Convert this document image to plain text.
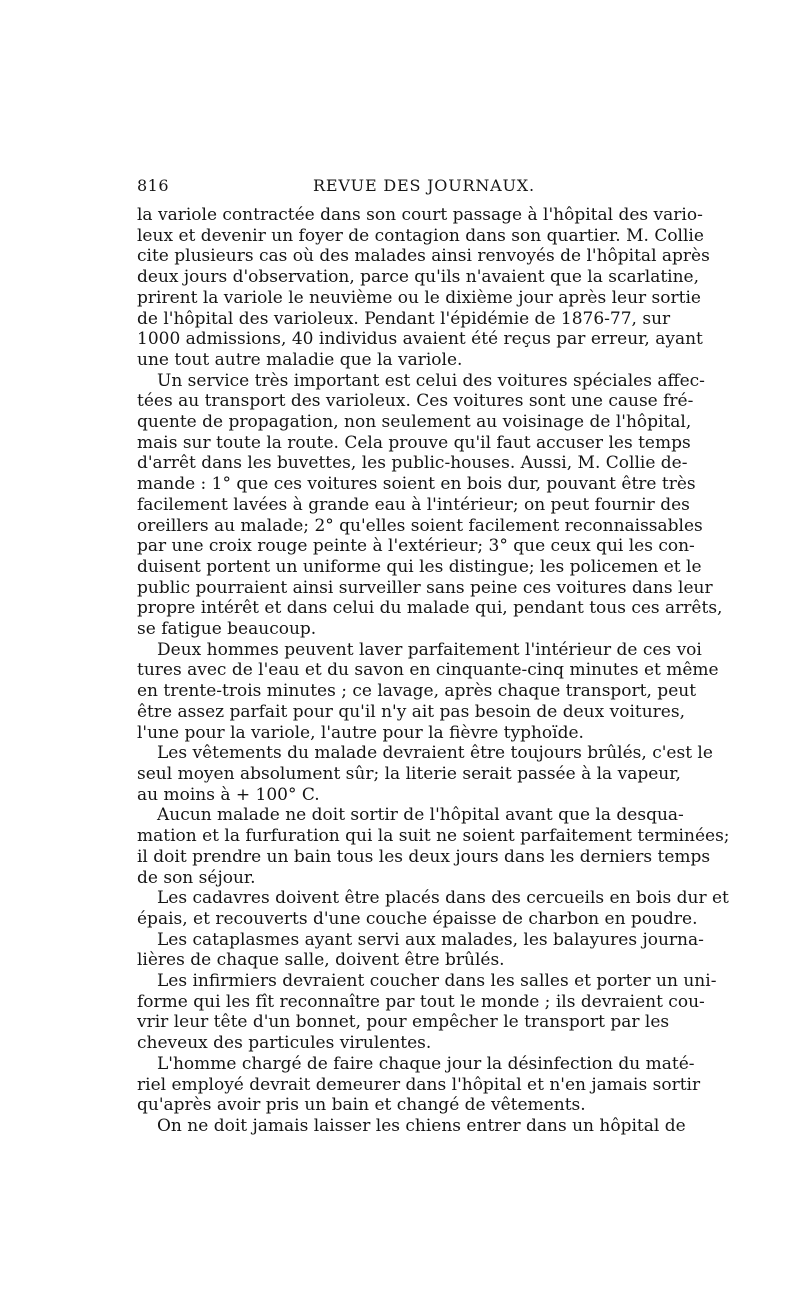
816	REVUE DES JOURNAUX.
la variole contractée dans son court passage à l'hôpital des vario-
leux et devenir un foyer de contagion dans son quartier. M. Collie
cite plusieurs cas où des malades ainsi renvoyés de l'hôpital après
deux jours d'observation, parce qu'ils n'avaient que la scarlatine,
prirent la variole le neuvième ou le dixième jour après leur sortie
de l'hôpital des varioleux. Pendant l'épidémie de 1876-77, sur
1000 admissions, 40 individus avaient été reçus par erreur, ayant
une tout autre maladie que la variole.
Un service très important est celui des voitures spéciales affec-
tées au transport des varioleux. Ces voitures sont une cause fré-
quente de propagation, non seulement au voisinage de l'hôpital,
mais sur toute la route. Cela prouve qu'il faut accuser les temps
d'arrêt dans les buvettes, les public-houses. Aussi, M. Collie de-
mande : 1° que ces voitures soient en bois dur, pouvant être très
facilement lavées à grande eau à l'intérieur; on peut fournir des
oreillers au malade; 2° qu'elles soient facilement reconnaissables
par une croix rouge peinte à l'extérieur; 3° que ceux qui les con-
duisent portent un uniforme qui les distingue; les policemen et le
public pourraient ainsi surveiller sans peine ces voitures dans leur
propre intérêt et dans celui du malade qui, pendant tous ces arrêts,
se fatigue beaucoup.
Deux hommes peuvent laver parfaitement l'intérieur de ces voi
tures avec de l'eau et du savon en cinquante-cinq minutes et même
en trente-trois minutes ; ce lavage, après chaque transport, peut
être assez parfait pour qu'il n'y ait pas besoin de deux voitures,
l'une pour la variole, l'autre pour la fièvre typhoïde.
Les vêtements du malade devraient être toujours brûlés, c'est le
seul moyen absolument sûr; la literie serait passée à la vapeur,
au moins à + 100° C.
Aucun malade ne doit sortir de l'hôpital avant que la desqua-
mation et la furfuration qui la suit ne soient parfaitement terminées;
il doit prendre un bain tous les deux jours dans les derniers temps
de son séjour.
Les cadavres doivent être placés dans des cercueils en bois dur et
épais, et recouverts d'une couche épaisse de charbon en poudre.
Les cataplasmes ayant servi aux malades, les balayures journa-
lières de chaque salle, doivent être brûlés.
Les infirmiers devraient coucher dans les salles et porter un uni-
forme qui les fît reconnaître par tout le monde ; ils devraient cou-
vrir leur tête d'un bonnet, pour empêcher le transport par les
cheveux des particules virulentes.
L'homme chargé de faire chaque jour la désinfection du maté-
riel employé devrait demeurer dans l'hôpital et n'en jamais sortir
qu'après avoir pris un bain et changé de vêtements.
On ne doit jamais laisser les chiens entrer dans un hôpital de
